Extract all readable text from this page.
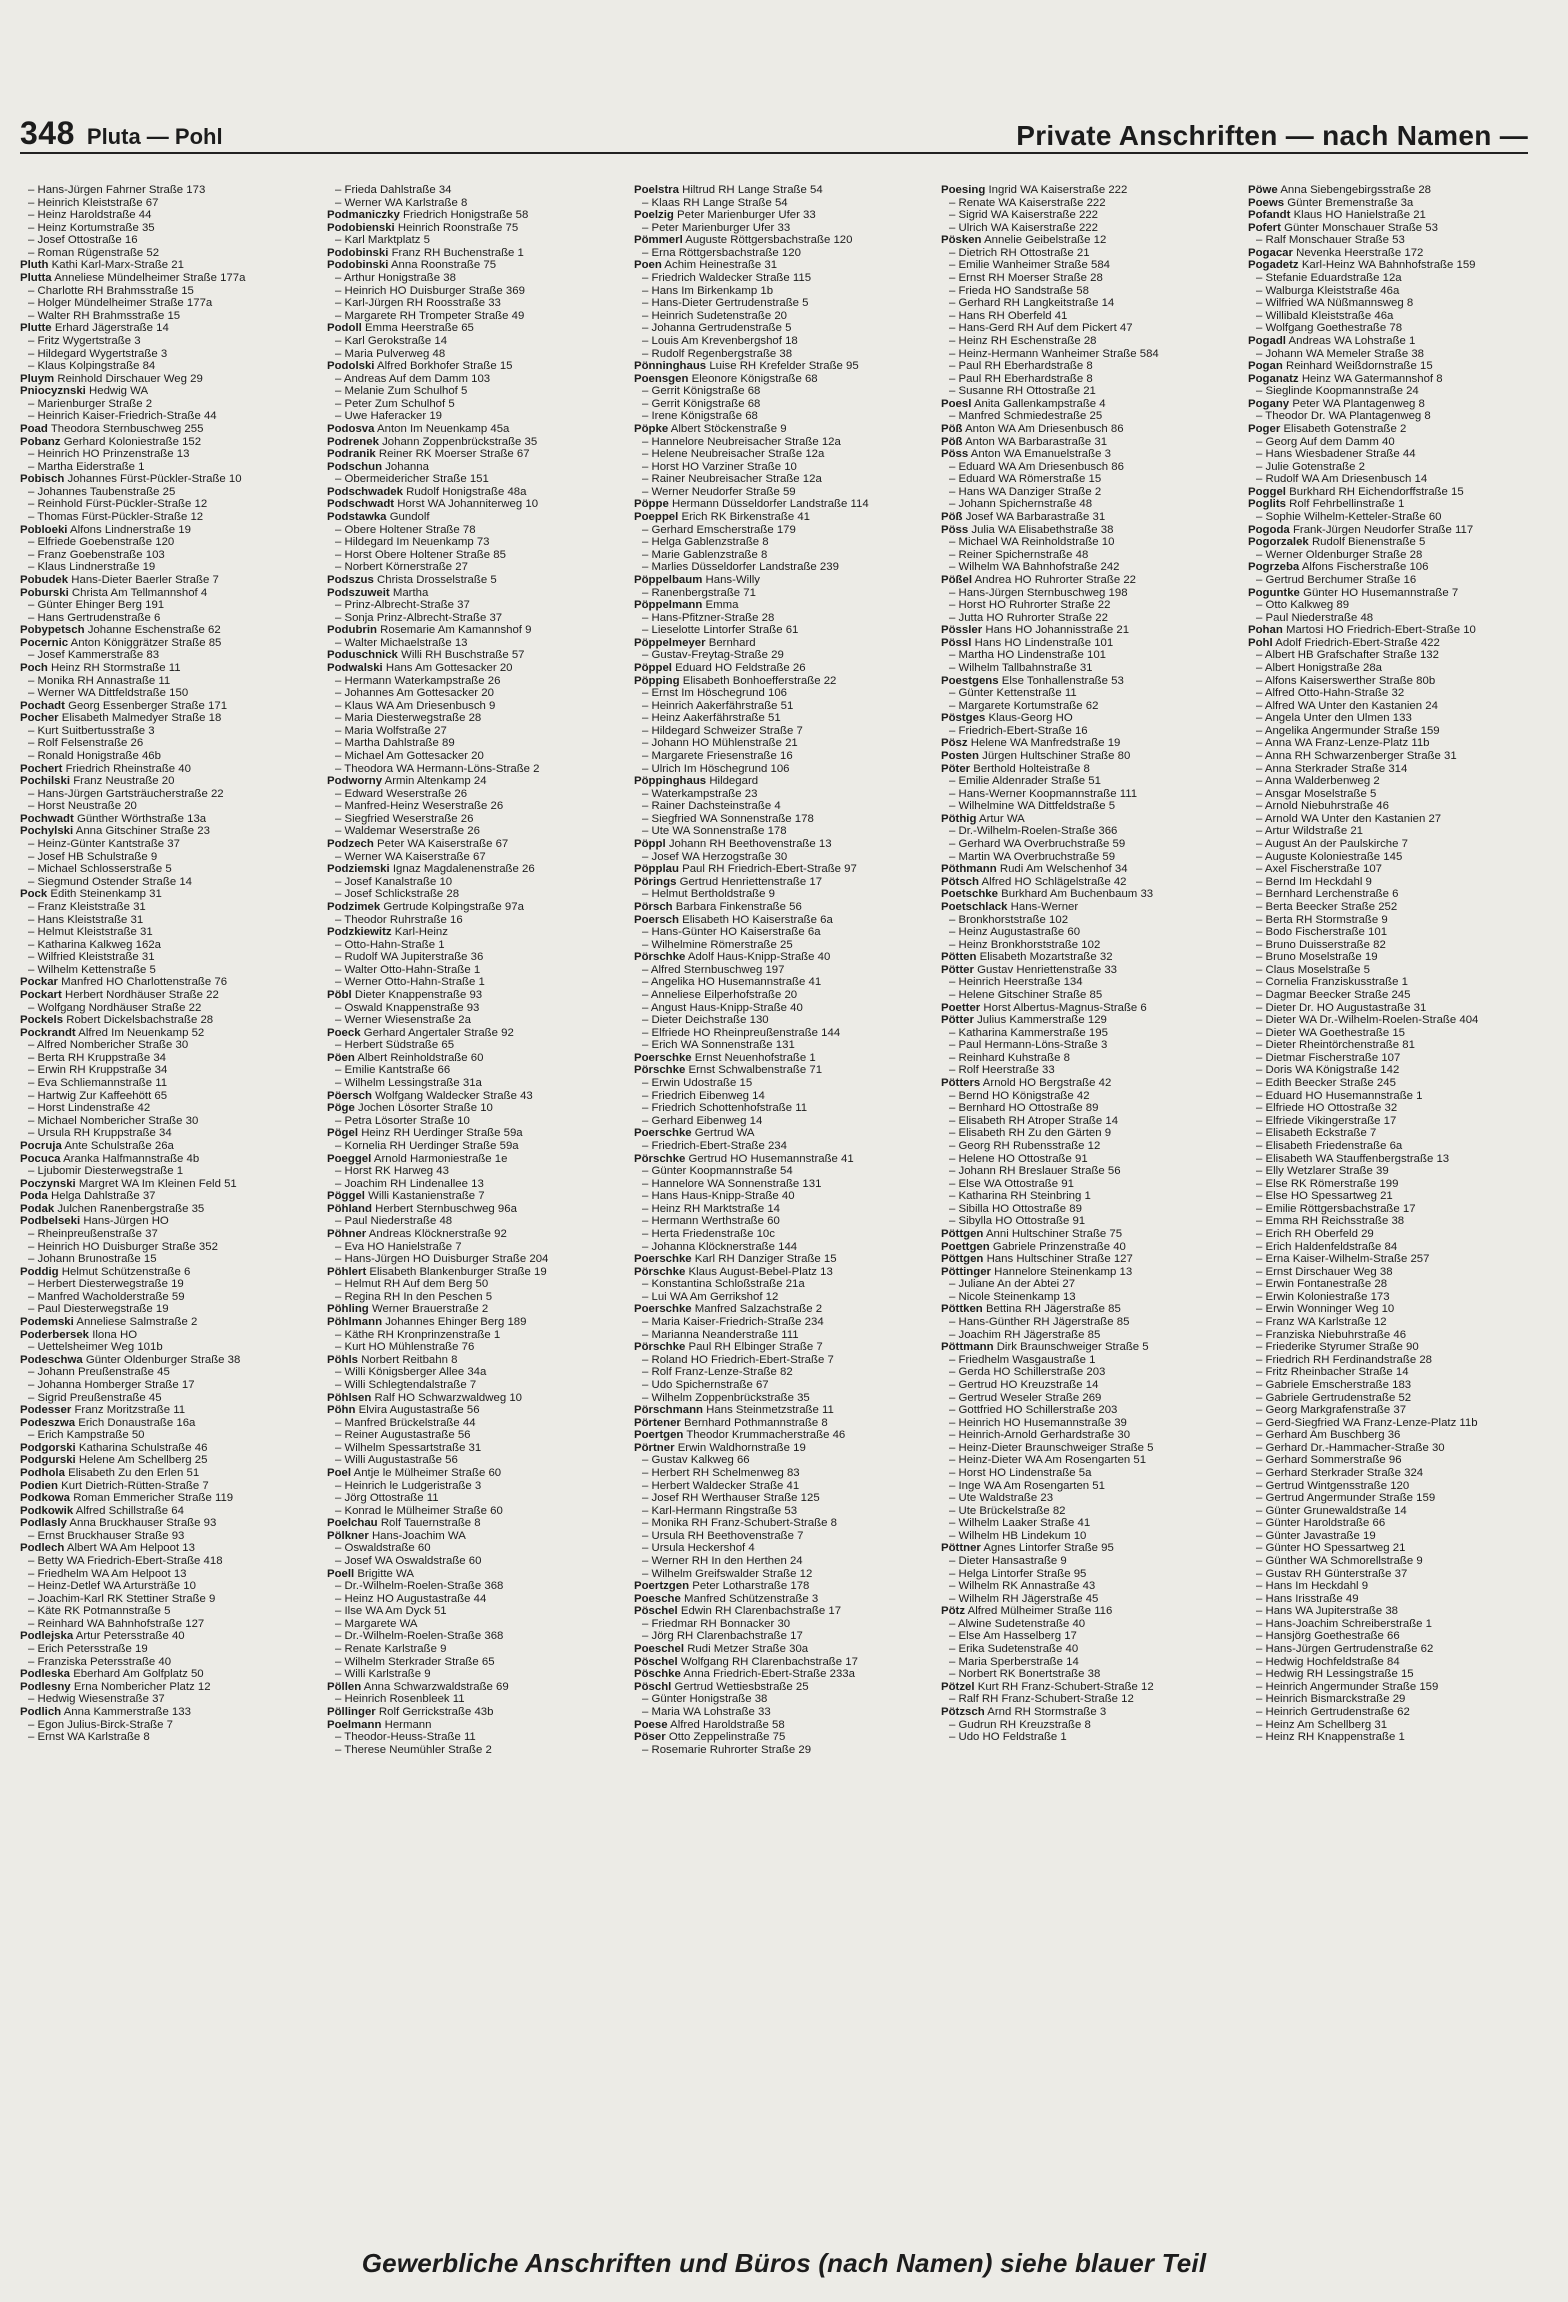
348 Pluta — Pohl	Private Anschriften — nach Namen —
– Hans-Jürgen Fahrner Straße 173
– Heinrich Kleiststraße 67
– Heinz Haroldstraße 44
– Heinz Kortumstraße 35
– Josef Ottostraße 16
– Roman Rügenstraße 52
Pluth Kathi Karl-Marx-Straße 21
Plutta Anneliese Mündelheimer Straße 177a
– Charlotte RH Brahmsstraße 15
– Holger Mündelheimer Straße 177a
– Walter RH Brahmsstraße 15
Plutte Erhard Jägerstraße 14
– Fritz Wygertstraße 3
– Hildegard Wygertstraße 3
– Klaus Kolpingstraße 84
Pluym Reinhold Dirschauer Weg 29
Pniocyznski Hedwig WA
– Marienburger Straße 2
– Heinrich Kaiser-Friedrich-Straße 44
Poad Theodora Sternbuschweg 255
Pobanz Gerhard Koloniestraße 152
– Heinrich HO Prinzenstraße 13
– Martha Eiderstraße 1
Pobisch Johannes Fürst-Pückler-Straße 10
– Johannes Taubenstraße 25
– Reinhold Fürst-Pückler-Straße 12
– Thomas Fürst-Pückler-Straße 12
Pobloeki Alfons Lindnerstraße 19
– Elfriede Goebenstraße 120
– Franz Goebenstraße 103
– Klaus Lindnerstraße 19
Pobudek Hans-Dieter Baerler Straße 7
Poburski Christa Am Tellmannshof 4
– Günter Ehinger Berg 191
– Hans Gertrudenstraße 6
Pobypetsch Johanne Eschenstraße 62
Pocernic Anton Königgrätzer Straße 85
– Josef Kammerstraße 83
Poch Heinz RH Stormstraße 11
– Monika RH Annastraße 11
– Werner WA Dittfeldstraße 150
Pochadt Georg Essenberger Straße 171
Pocher Elisabeth Malmedyer Straße 18
– Kurt Suitbertusstraße 3
– Rolf Felsenstraße 26
– Ronald Honigstraße 46b
Pochert Friedrich Rheinstraße 40
Pochilski Franz Neustraße 20
– Hans-Jürgen Gartsträucherstraße 22
– Horst Neustraße 20
Pochwadt Günther Wörthstraße 13a
Pochylski Anna Gitschiner Straße 23
– Heinz-Günter Kantstraße 37
– Josef HB Schulstraße 9
– Michael Schlosserstraße 5
– Siegmund Ostender Straße 14
Pock Edith Steinenkamp 31
– Franz Kleiststraße 31
– Hans Kleiststraße 31
– Helmut Kleiststraße 31
– Katharina Kalkweg 162a
– Wilfried Kleiststraße 31
– Wilhelm Kettenstraße 5
Pockar Manfred HO Charlottenstraße 76
Pockart Herbert Nordhäuser Straße 22
– Wolfgang Nordhäuser Straße 22
Pockels Robert Dickelsbachstraße 28
Pockrandt Alfred Im Neuenkamp 52
– Alfred Nombericher Straße 30
– Berta RH Kruppstraße 34
– Erwin RH Kruppstraße 34
– Eva Schliemannstraße 11
– Hartwig Zur Kaffeehött 65
– Horst Lindenstraße 42
– Michael Nombericher Straße 30
– Ursula RH Kruppstraße 34
Pocruja Ante Schulstraße 26a
Pocuca Aranka Halfmannstraße 4b
– Ljubomir Diesterwegstraße 1
Poczynski Margret WA Im Kleinen Feld 51
Poda Helga Dahlstraße 37
Podak Julchen Ranenbergstraße 35
Podbelseki Hans-Jürgen HO
– Rheinpreußenstraße 37
– Heinrich HO Duisburger Straße 352
– Johann Brunostraße 15
Poddig Helmut Schützenstraße 6
– Herbert Diesterwegstraße 19
– Manfred Wacholderstraße 59
– Paul Diesterwegstraße 19
Podemski Anneliese Salmstraße 2
Poderbersek Ilona HO
– Uettelsheimer Weg 101b
Podeschwa Günter Oldenburger Straße 38
– Johann Preußenstraße 45
– Johanna Homberger Straße 17
– Sigrid Preußenstraße 45
Podesser Franz Moritzstraße 11
Podeszwa Erich Donaustraße 16a
– Erich Kampstraße 50
Podgorski Katharina Schulstraße 46
Podgurski Helene Am Schellberg 25
Podhola Elisabeth Zu den Erlen 51
Podien Kurt Dietrich-Rütten-Straße 7
Podkowa Roman Emmericher Straße 119
Podkowik Alfred Schillstraße 64
Podlasly Anna Bruckhauser Straße 93
– Ernst Bruckhauser Straße 93
Podlech Albert WA Am Helpoot 13
– Betty WA Friedrich-Ebert-Straße 418
– Friedhelm WA Am Helpoot 13
– Heinz-Detlef WA Artursträße 10
– Joachim-Karl RK Stettiner Straße 9
– Käte RK Potmannstraße 5
– Reinhard WA Bahnhofstraße 127
Podlejska Artur Petersstraße 40
– Erich Petersstraße 19
– Franziska Petersstraße 40
Podleska Eberhard Am Golfplatz 50
Podlesny Erna Nombericher Platz 12
– Hedwig Wiesenstraße 37
Podlich Anna Kammerstraße 133
– Egon Julius-Birck-Straße 7
– Ernst WA Karlstraße 8
– Frieda Dahlstraße 34
– Werner WA Karlstraße 8
Podmaniczky Friedrich Honigstraße 58
Podobienski Heinrich Roonstraße 75
– Karl Marktplatz 5
Podobinski Franz RH Buchenstraße 1
Podobinski Anna Roonstraße 75
– Arthur Honigstraße 38
– Heinrich HO Duisburger Straße 369
– Karl-Jürgen RH Roosstraße 33
– Margarete RH Trompeter Straße 49
Podoll Emma Heerstraße 65
– Karl Gerokstraße 14
– Maria Pulverweg 48
Podolski Alfred Borkhofer Straße 15
– Andreas Auf dem Damm 103
– Melanie Zum Schulhof 5
– Peter Zum Schulhof 5
– Uwe Haferacker 19
Podosva Anton Im Neuenkamp 45a
Podrenek Johann Zoppenbrückstraße 35
Podranik Reiner RK Moerser Straße 67
Podschun Johanna
– Obermeidericher Straße 151
Podschwadek Rudolf Honigstraße 48a
Podschwadt Horst WA Johanniterweg 10
Podstawka Gundolf
– Obere Holtener Straße 78
– Hildegard Im Neuenkamp 73
– Horst Obere Holtener Straße 85
– Norbert Körnerstraße 27
Podszus Christa Drosselstraße 5
Podszuweit Martha
– Prinz-Albrecht-Straße 37
– Sonja Prinz-Albrecht-Straße 37
Podubrin Rosemarie Am Kamannshof 9
– Walter Michaelstraße 13
Poduschnick Willi RH Buschstraße 57
Podwalski Hans Am Gottesacker 20
– Hermann Waterkampstraße 26
– Johannes Am Gottesacker 20
– Klaus WA Am Driesenbusch 9
– Maria Diesterwegstraße 28
– Maria Wolfstraße 27
– Martha Dahlstraße 89
– Michael Am Gottesacker 20
– Theodora WA Hermann-Löns-Straße 2
Podworny Armin Altenkamp 24
– Edward Weserstraße 26
– Manfred-Heinz Weserstraße 26
– Siegfried Weserstraße 26
– Waldemar Weserstraße 26
Podzech Peter WA Kaiserstraße 67
– Werner WA Kaiserstraße 67
Podziemski Ignaz Magdalenenstraße 26
– Josef Kanalstraße 10
– Josef Schlickstraße 28
Podzimek Gertrude Kolpingstraße 97a
– Theodor Ruhrstraße 16
Podzkiewitz Karl-Heinz
– Otto-Hahn-Straße 1
– Rudolf WA Jupiterstraße 36
– Walter Otto-Hahn-Straße 1
– Werner Otto-Hahn-Straße 1
Pöbl Dieter Knappenstraße 93
– Oswald Knappenstraße 93
– Werner Wiesenstraße 2a
Poeck Gerhard Angertaler Straße 92
– Herbert Südstraße 65
Pöen Albert Reinholdstraße 60
– Emilie Kantstraße 66
– Wilhelm Lessingstraße 31a
Pöersch Wolfgang Waldecker Straße 43
Pöge Jochen Lösorter Straße 10
– Petra Lösorter Straße 10
Pögel Heinz RH Uerdinger Straße 59a
– Kornelia RH Uerdinger Straße 59a
Poeggel Arnold Harmoniestraße 1e
– Horst RK Harweg 43
– Joachim RH Lindenallee 13
Pöggel Willi Kastanienstraße 7
Pöhland Herbert Sternbuschweg 96a
– Paul Niederstraße 48
Pöhner Andreas Klöcknerstraße 92
– Eva HO Hanielstraße 7
– Hans-Jürgen HO Duisburger Straße 204
Pöhlert Elisabeth Blankenburger Straße 19
– Helmut RH Auf dem Berg 50
– Regina RH In den Peschen 5
Pöhling Werner Brauerstraße 2
Pöhlmann Johannes Ehinger Berg 189
– Käthe RH Kronprinzenstraße 1
– Kurt HO Mühlenstraße 76
Pöhls Norbert Reitbahn 8
– Willi Königsberger Allee 34a
– Willi Schlegtendalstraße 7
Pöhlsen Ralf HO Schwarzwaldweg 10
Pöhn Elvira Augustastraße 56
– Manfred Brückelstraße 44
– Reiner Augustastraße 56
– Wilhelm Spessartstraße 31
– Willi Augustastraße 56
Poel Antje le Mülheimer Straße 60
– Heinrich le Ludgeristraße 3
– Jörg Ottostraße 11
– Konrad le Mülheimer Straße 60
Poelchau Rolf Tauernstraße 8
Pölkner Hans-Joachim WA
– Oswaldstraße 60
– Josef WA Oswaldstraße 60
Poell Brigitte WA
– Dr.-Wilhelm-Roelen-Straße 368
– Heinz HO Augustastraße 44
– Ilse WA Am Dyck 51
– Margarete WA
– Dr.-Wilhelm-Roelen-Straße 368
– Renate Karlstraße 9
– Wilhelm Sterkrader Straße 65
– Willi Karlstraße 9
Pöllen Anna Schwarzwaldstraße 69
– Heinrich Rosenbleek 11
Pöllinger Rolf Gerrickstraße 43b
Poelmann Hermann
– Theodor-Heuss-Straße 11
– Therese Neumühler Straße 2
Poelstra Hiltrud RH Lange Straße 54
– Klaas RH Lange Straße 54
Poelzig Peter Marienburger Ufer 33
– Peter Marienburger Ufer 33
Pömmerl Auguste Röttgersbachstraße 120
– Erna Röttgersbachstraße 120
Poen Achim Heinestraße 31
– Friedrich Waldecker Straße 115
– Hans Im Birkenkamp 1b
– Hans-Dieter Gertrudenstraße 5
– Heinrich Sudetenstraße 20
– Johanna Gertrudenstraße 5
– Louis Am Krevenbergshof 18
– Rudolf Regenbergstraße 38
Pönninghaus Luise RH Krefelder Straße 95
Poensgen Eleonore Königstraße 68
– Gerrit Königstraße 68
– Gerrit Königstraße 68
– Irene Königstraße 68
Pöpke Albert Stöckenstraße 9
– Hannelore Neubreisacher Straße 12a
– Helene Neubreisacher Straße 12a
– Horst HO Varziner Straße 10
– Rainer Neubreisacher Straße 12a
– Werner Neudorfer Straße 59
Pöppe Hermann Düsseldorfer Landstraße 114
Poeppel Erich RK Birkenstraße 41
– Gerhard Emscherstraße 179
– Helga Gablenzstraße 8
– Marie Gablenzstraße 8
– Marlies Düsseldorfer Landstraße 239
Pöppelbaum Hans-Willy
– Ranenbergstraße 71
Pöppelmann Emma
– Hans-Pfitzner-Straße 28
– Lieselotte Lintorfer Straße 61
Pöppelmeyer Bernhard
– Gustav-Freytag-Straße 29
Pöppel Eduard HO Feldstraße 26
Pöpping Elisabeth Bonhoefferstraße 22
– Ernst Im Höschegrund 106
– Heinrich Aakerfährstraße 51
– Heinz Aakerfährstraße 51
– Hildegard Schweizer Straße 7
– Johann HO Mühlenstraße 21
– Margarete Friesenstraße 16
– Ulrich Im Höschegrund 106
Pöppinghaus Hildegard
– Waterkampstraße 23
– Rainer Dachsteinstraße 4
– Siegfried WA Sonnenstraße 178
– Ute WA Sonnenstraße 178
Pöppl Johann RH Beethovenstraße 13
– Josef WA Herzogstraße 30
Pöpplau Paul RH Friedrich-Ebert-Straße 97
Pörings Gertrud Henriettenstraße 17
– Helmut Bertholdstraße 9
Pörsch Barbara Finkenstraße 56
Poersch Elisabeth HO Kaiserstraße 6a
– Hans-Günter HO Kaiserstraße 6a
– Wilhelmine Römerstraße 25
Pörschke Adolf Haus-Knipp-Straße 40
– Alfred Sternbuschweg 197
– Angelika HO Husemannstraße 41
– Anneliese Eilperhofstraße 20
– Angust Haus-Knipp-Straße 40
– Dieter Deichstraße 130
– Elfriede HO Rheinpreußenstraße 144
– Erich WA Sonnenstraße 131
Poerschke Ernst Neuenhofstraße 1
Pörschke Ernst Schwalbenstraße 71
– Erwin Udostraße 15
– Friedrich Eibenweg 14
– Friedrich Schottenhofstraße 11
– Gerhard Eibenweg 14
Poerschke Gertrud WA
– Friedrich-Ebert-Straße 234
Pörschke Gertrud HO Husemannstraße 41
– Günter Koopmannstraße 54
– Hannelore WA Sonnenstraße 131
– Hans Haus-Knipp-Straße 40
– Heinz RH Marktstraße 14
– Hermann Werthstraße 60
– Herta Friedenstraße 10c
– Johanna Klöcknerstraße 144
Poerschke Karl RH Danziger Straße 15
Pörschke Klaus August-Bebel-Platz 13
– Konstantina Schloßstraße 21a
– Lui WA Am Gerrikshof 12
Poerschke Manfred Salzachstraße 2
– Maria Kaiser-Friedrich-Straße 234
– Marianna Neanderstraße 111
Pörschke Paul RH Elbinger Straße 7
– Roland HO Friedrich-Ebert-Straße 7
– Rolf Franz-Lenze-Straße 82
– Udo Spichernstraße 67
– Wilhelm Zoppenbrückstraße 35
Pörschmann Hans Steinmetzstraße 11
Pörtener Bernhard Pothmannstraße 8
Poertgen Theodor Krummacherstraße 46
Pörtner Erwin Waldhornstraße 19
– Gustav Kalkweg 66
– Herbert RH Schelmenweg 83
– Herbert Waldecker Straße 41
– Josef RH Werthauser Straße 125
– Karl-Hermann Ringstraße 53
– Monika RH Franz-Schubert-Straße 8
– Ursula RH Beethovenstraße 7
– Ursula Heckershof 4
– Werner RH In den Herthen 24
– Wilhelm Greifswalder Straße 12
Poertzgen Peter Lotharstraße 178
Poesche Manfred Schützenstraße 3
Pöschel Edwin RH Clarenbachstraße 17
– Friedmar RH Bonnacker 30
– Jörg RH Clarenbachstraße 17
Poeschel Rudi Metzer Straße 30a
Pöschel Wolfgang RH Clarenbachstraße 17
Pöschke Anna Friedrich-Ebert-Straße 233a
Pöschl Gertrud Wettiesbstraße 25
– Günter Honigstraße 38
– Maria WA Lohstraße 33
Poese Alfred Haroldstraße 58
Pöser Otto Zeppelinstraße 75
– Rosemarie Ruhrorter Straße 29
Poesing Ingrid WA Kaiserstraße 222
– Renate WA Kaiserstraße 222
– Sigrid WA Kaiserstraße 222
– Ulrich WA Kaiserstraße 222
Pösken Annelie Geibelstraße 12
– Dietrich RH Ottostraße 21
– Emilie Wanheimer Straße 584
– Ernst RH Moerser Straße 28
– Frieda HO Sandstraße 58
– Gerhard RH Langkeitstraße 14
– Hans RH Oberfeld 41
– Hans-Gerd RH Auf dem Pickert 47
– Heinz RH Eschenstraße 28
– Heinz-Hermann Wanheimer Straße 584
– Paul RH Eberhardstraße 8
– Paul RH Eberhardstraße 8
– Susanne RH Ottostraße 21
Poesl Anita Gallenkampstraße 4
– Manfred Schmiedestraße 25
Pöß Anton WA Am Driesenbusch 86
Pöß Anton WA Barbarastraße 31
Pöss Anton WA Emanuelstraße 3
– Eduard WA Am Driesenbusch 86
– Eduard WA Römerstraße 15
– Hans WA Danziger Straße 2
– Johann Spichernstraße 48
Pöß Josef WA Barbarastraße 31
Pöss Julia WA Elisabethstraße 38
– Michael WA Reinholdstraße 10
– Reiner Spichernstraße 48
– Wilhelm WA Bahnhofstraße 242
Pößel Andrea HO Ruhrorter Straße 22
– Hans-Jürgen Sternbuschweg 198
– Horst HO Ruhrorter Straße 22
– Jutta HO Ruhrorter Straße 22
Pössler Hans HO Johannisstraße 21
Pössl Hans HO Lindenstraße 101
– Martha HO Lindenstraße 101
– Wilhelm Tallbahnstraße 31
Poestgens Else Tonhallenstraße 53
– Günter Kettenstraße 11
– Margarete Kortumstraße 62
Pöstges Klaus-Georg HO
– Friedrich-Ebert-Straße 16
Pösz Helene WA Manfredstraße 19
Posten Jürgen Hultschiner Straße 80
Pöter Berthold Holteistraße 8
– Emilie Aldenrader Straße 51
– Hans-Werner Koopmannstraße 111
– Wilhelmine WA Dittfeldstraße 5
Pöthig Artur WA
– Dr.-Wilhelm-Roelen-Straße 366
– Gerhard WA Overbruchstraße 59
– Martin WA Overbruchstraße 59
Pöthmann Rudi Am Welschenhof 34
Pötsch Alfred HO Schlägelstraße 42
Poetschke Burkhard Am Buchenbaum 33
Poetschlack Hans-Werner
– Bronkhorststraße 102
– Heinz Augustastraße 60
– Heinz Bronkhorststraße 102
Pötten Elisabeth Mozartstraße 32
Pötter Gustav Henriettenstraße 33
– Heinrich Heerstraße 134
– Helene Gitschiner Straße 85
Poetter Horst Albertus-Magnus-Straße 6
Pötter Julius Kammerstraße 129
– Katharina Kammerstraße 195
– Paul Hermann-Löns-Straße 3
– Reinhard Kuhstraße 8
– Rolf Heerstraße 33
Pötters Arnold HO Bergstraße 42
– Bernd HO Königstraße 42
– Bernhard HO Ottostraße 89
– Elisabeth RH Atroper Straße 14
– Elisabeth RH Zu den Gärten 9
– Georg RH Rubensstraße 12
– Helene HO Ottostraße 91
– Johann RH Breslauer Straße 56
– Else WA Ottostraße 91
– Katharina RH Steinbring 1
– Sibilla HO Ottostraße 89
– Sibylla HO Ottostraße 91
Pöttgen Anni Hultschiner Straße 75
Poettgen Gabriele Prinzenstraße 40
Pöttgen Hans Hultschiner Straße 127
Pöttinger Hannelore Steinenkamp 13
– Juliane An der Abtei 27
– Nicole Steinenkamp 13
Pöttken Bettina RH Jägerstraße 85
– Hans-Günther RH Jägerstraße 85
– Joachim RH Jägerstraße 85
Pöttmann Dirk Braunschweiger Straße 5
– Friedhelm Wasgaustraße 1
– Gerda HO Schillerstraße 203
– Gertrud HO Kreuzstraße 14
– Gertrud Weseler Straße 269
– Gottfried HO Schillerstraße 203
– Heinrich HO Husemannstraße 39
– Heinrich-Arnold Gerhardstraße 30
– Heinz-Dieter Braunschweiger Straße 5
– Heinz-Dieter WA Am Rosengarten 51
– Horst HO Lindenstraße 5a
– Inge WA Am Rosengarten 51
– Ute Waldstraße 23
– Ute Brückelstraße 82
– Wilhelm Laaker Straße 41
– Wilhelm HB Lindekum 10
Pöttner Agnes Lintorfer Straße 95
– Dieter Hansastraße 9
– Helga Lintorfer Straße 95
– Wilhelm RK Annastraße 43
– Wilhelm RH Jägerstraße 45
Pötz Alfred Mülheimer Straße 116
– Alwine Sudetenstraße 40
– Else Am Hasselberg 17
– Erika Sudetenstraße 40
– Maria Sperberstraße 14
– Norbert RK Bonertstraße 38
Pötzel Kurt RH Franz-Schubert-Straße 12
– Ralf RH Franz-Schubert-Straße 12
Pötzsch Arnd RH Stormstraße 3
– Gudrun RH Kreuzstraße 8
– Udo HO Feldstraße 1
Pöwe Anna Siebengebirgsstraße 28
Poews Günter Bremenstraße 3a
Pofandt Klaus HO Hanielstraße 21
Pofert Günter Monschauer Straße 53
– Ralf Monschauer Straße 53
Pogacar Nevenka Heerstraße 172
Pogadetz Karl-Heinz WA Bahnhofstraße 159
– Stefanie Eduardstraße 12a
– Walburga Kleiststraße 46a
– Wilfried WA Nüßmannsweg 8
– Willibald Kleiststraße 46a
– Wolfgang Goethestraße 78
Pogadl Andreas WA Lohstraße 1
– Johann WA Memeler Straße 38
Pogan Reinhard Weißdornstraße 15
Poganatz Heinz WA Gatermannshof 8
– Sieglinde Koopmannstraße 24
Pogany Peter WA Plantagenweg 8
– Theodor Dr. WA Plantagenweg 8
Poger Elisabeth Gotenstraße 2
– Georg Auf dem Damm 40
– Hans Wiesbadener Straße 44
– Julie Gotenstraße 2
– Rudolf WA Am Driesenbusch 14
Poggel Burkhard RH Eichendorffstraße 15
Poglits Rolf Fehrbellinstraße 1
– Sophie Wilhelm-Ketteler-Straße 60
Pogoda Frank-Jürgen Neudorfer Straße 117
Pogorzalek Rudolf Bienenstraße 5
– Werner Oldenburger Straße 28
Pogrzeba Alfons Fischerstraße 106
– Gertrud Berchumer Straße 16
Poguntke Günter HO Husemannstraße 7
– Otto Kalkweg 89
– Paul Niederstraße 48
Pohan Martosi HO Friedrich-Ebert-Straße 10
Pohl Adolf Friedrich-Ebert-Straße 422
– Albert HB Grafschafter Straße 132
– Albert Honigstraße 28a
– Alfons Kaiserswerther Straße 80b
– Alfred Otto-Hahn-Straße 32
– Alfred WA Unter den Kastanien 24
– Angela Unter den Ulmen 133
– Angelika Angermunder Straße 159
– Anna WA Franz-Lenze-Platz 11b
– Anna RH Schwarzenberger Straße 31
– Anna Sterkrader Straße 314
– Anna Walderbenweg 2
– Ansgar Moselstraße 5
– Arnold Niebuhrstraße 46
– Arnold WA Unter den Kastanien 27
– Artur Wildstraße 21
– August An der Paulskirche 7
– Auguste Koloniestraße 145
– Axel Fischerstraße 107
– Bernd Im Heckdahl 9
– Bernhard Lerchenstraße 6
– Berta Beecker Straße 252
– Berta RH Stormstraße 9
– Bodo Fischerstraße 101
– Bruno Duisserstraße 82
– Bruno Moselstraße 19
– Claus Moselstraße 5
– Cornelia Franziskusstraße 1
– Dagmar Beecker Straße 245
– Dieter Dr. HO Augustastraße 31
– Dieter WA Dr.-Wilhelm-Roelen-Straße 404
– Dieter WA Goethestraße 15
– Dieter Rheintörchenstraße 81
– Dietmar Fischerstraße 107
– Doris WA Königstraße 142
– Edith Beecker Straße 245
– Eduard HO Husemannstraße 1
– Elfriede HO Ottostraße 32
– Elfriede Vikingerstraße 17
– Elisabeth Eckstraße 7
– Elisabeth Friedenstraße 6a
– Elisabeth WA Stauffenbergstraße 13
– Elly Wetzlarer Straße 39
– Else RK Römerstraße 199
– Else HO Spessartweg 21
– Emilie Röttgersbachstraße 17
– Emma RH Reichsstraße 38
– Erich RH Oberfeld 29
– Erich Haldenfeldstraße 84
– Erna Kaiser-Wilhelm-Straße 257
– Ernst Dirschauer Weg 38
– Erwin Fontanestraße 28
– Erwin Koloniestraße 173
– Erwin Wonninger Weg 10
– Franz WA Karlstraße 12
– Franziska Niebuhrstraße 46
– Friederike Styrumer Straße 90
– Friedrich RH Ferdinandstraße 28
– Fritz Rheinbacher Straße 14
– Gabriele Emscherstraße 183
– Gabriele Gertrudenstraße 52
– Georg Markgrafenstraße 37
– Gerd-Siegfried WA Franz-Lenze-Platz 11b
– Gerhard Am Buschberg 36
– Gerhard Dr.-Hammacher-Straße 30
– Gerhard Sommerstraße 96
– Gerhard Sterkrader Straße 324
– Gertrud Wintgensstraße 120
– Gertrud Angermunder Straße 159
– Günter Grunewaldstraße 14
– Günter Haroldstraße 66
– Günter Javastraße 19
– Günter HO Spessartweg 21
– Günther WA Schmorellstraße 9
– Gustav RH Günterstraße 37
– Hans Im Heckdahl 9
– Hans Irisstraße 49
– Hans WA Jupiterstraße 38
– Hans-Joachim Schreiberstraße 1
– Hansjörg Goethestraße 66
– Hans-Jürgen Gertrudenstraße 62
– Hedwig Hochfeldstraße 84
– Hedwig RH Lessingstraße 15
– Heinrich Angermunder Straße 159
– Heinrich Bismarckstraße 29
– Heinrich Gertrudenstraße 62
– Heinz Am Schellberg 31
– Heinz RH Knappenstraße 1
Gewerbliche Anschriften und Büros (nach Namen) siehe blauer Teil
